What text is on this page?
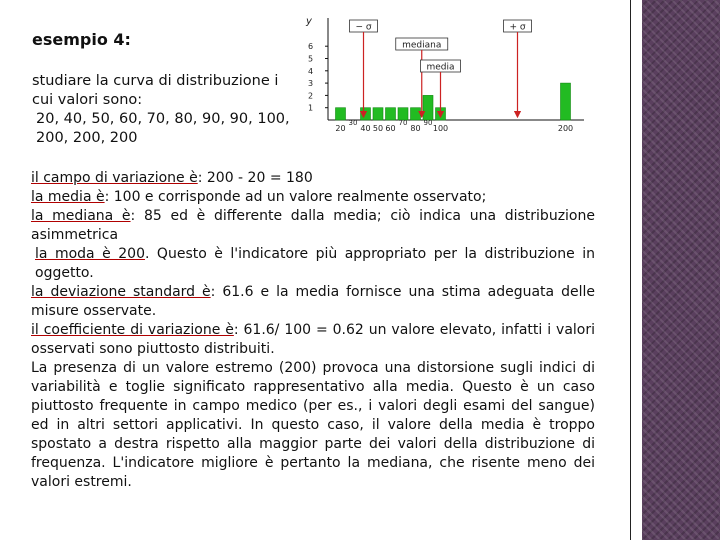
esempio 4:
studiare la curva di distribuzione i cui valori sono:
20, 40, 50, 60, 70, 80, 90, 90, 100, 200, 200, 200
y
1
2
3
4
5
6
20
30
40 50 60
70
80
90
100	200
− σ
mediana
media
+ σ

il campo di variazione è: 200 - 20 = 180

la media è: 100 e corrisponde ad un valore realmente osservato;

la mediana è: 85 ed è differente dalla media; ciò indica una distribuzione asimmetrica

la moda è 200. Questo è l'indicatore più appropriato per la distribuzione in oggetto.

la deviazione standard è: 61.6 e la media fornisce una stima adeguata delle misure osservate.

il coefficiente di variazione è: 61.6/ 100 = 0.62 un valore elevato, infatti i valori osservati sono piuttosto distribuiti.

La presenza di un valore estremo (200) provoca una distorsione sugli indici di variabilità e toglie significato rappresentativo alla media. Questo è un caso piuttosto frequente in campo medico (per es., i valori degli esami del sangue) ed in altri settori applicativi. In questo caso, il valore della media è troppo spostato a destra rispetto alla maggior parte dei valori della distribuzione di frequenza. L'indicatore migliore è pertanto la mediana, che risente meno dei valori estremi.
